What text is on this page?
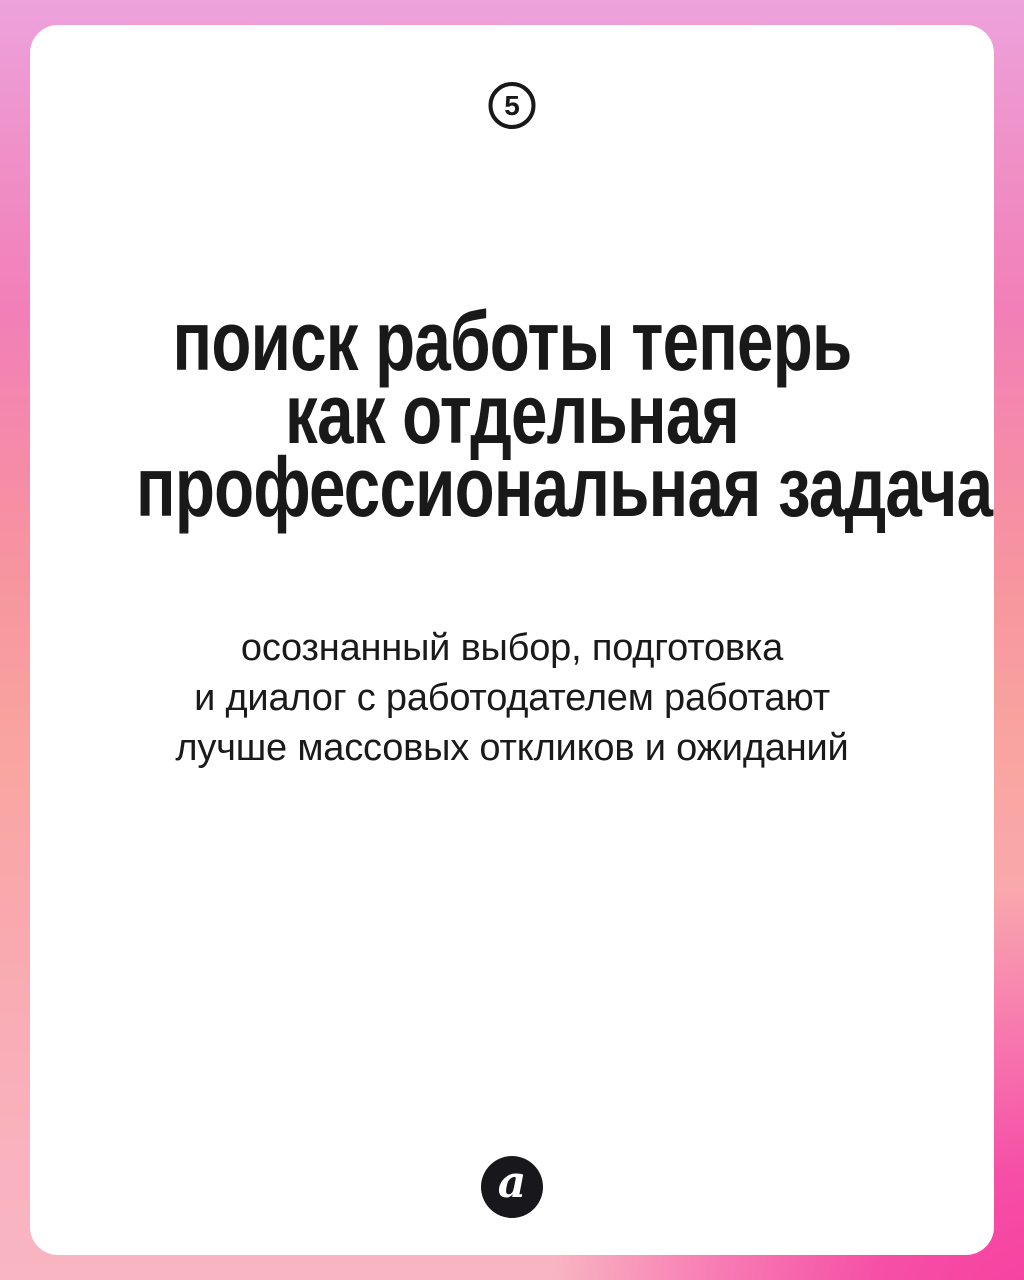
5
поиск работы теперь
как отдельная
профессиональная задача

осознанный выбор, подготовка
и диалог с работодателем работают
лучше массовых откликов и ожиданий

a
